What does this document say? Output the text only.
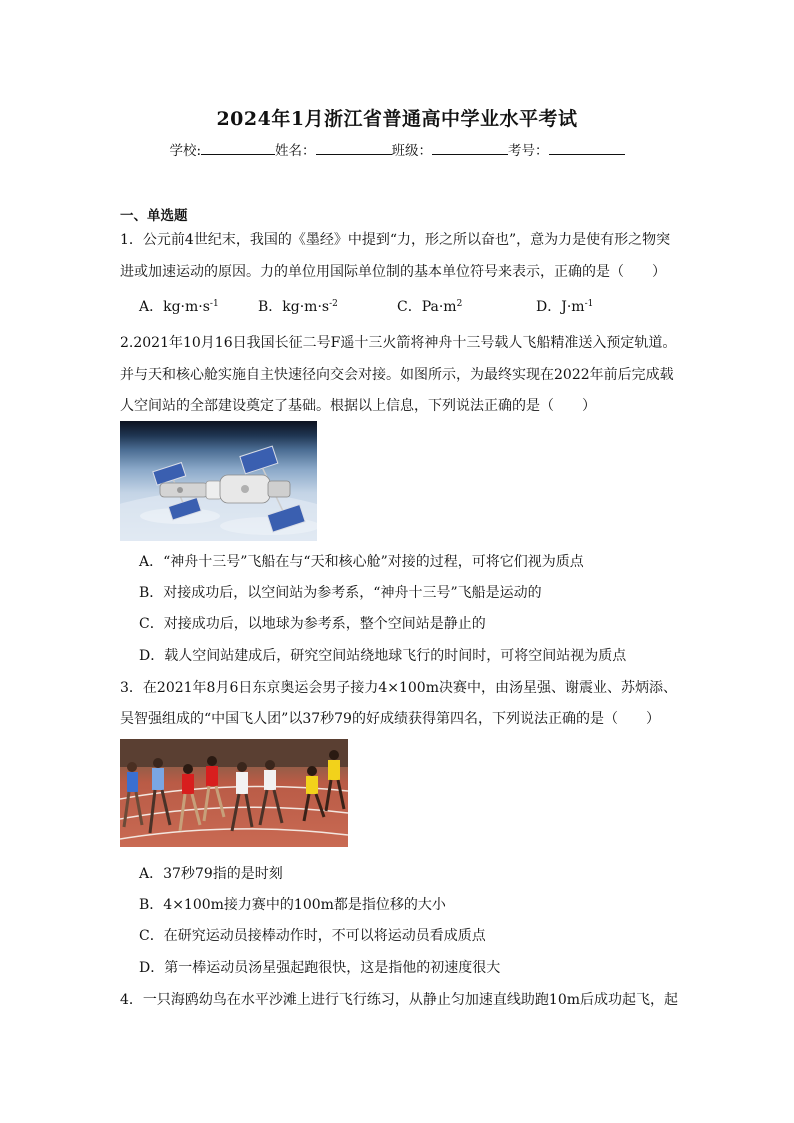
2024年1月浙江省普通高中学业水平考试
学校:	姓名：	班级：	考号：
一、单选题
1．公元前4世纪末，我国的《墨经》中提到“力，形之所以奋也”，意为力是使有形之物突
进或加速运动的原因。力的单位用国际单位制的基本单位符号来表示，正确的是（　　）
A．$kg\cdot m\cdot s^{-1}$	B．$kg\cdot m\cdot s^{-2}$	C．$Pa\cdot m^2$	D．$J\cdot m^{-1}$
2.2021年10月16日我国长征二号F遥十三火箭将神舟十三号载人飞船精准送入预定轨道。
并与天和核心舱实施自主快速径向交会对接。如图所示，为最终实现在2022年前后完成载
人空间站的全部建设奠定了基础。根据以上信息，下列说法正确的是（　　）
A．“神舟十三号”飞船在与“天和核心舱”对接的过程，可将它们视为质点
B．对接成功后，以空间站为参考系，“神舟十三号”飞船是运动的
C．对接成功后，以地球为参考系，整个空间站是静止的
D．载人空间站建成后，研究空间站绕地球飞行的时间时，可将空间站视为质点
3．在2021年8月6日东京奥运会男子接力4×100m决赛中，由汤星强、谢震业、苏炳添、
吴智强组成的“中国飞人团”以37秒79的好成绩获得第四名，下列说法正确的是（　　）
A．37秒79指的是时刻
B．4×100m接力赛中的100m都是指位移的大小
C．在研究运动员接棒动作时，不可以将运动员看成质点
D．第一棒运动员汤星强起跑很快，这是指他的初速度很大
4．一只海鸥幼鸟在水平沙滩上进行飞行练习，从静止匀加速直线助跑10m后成功起飞，起
